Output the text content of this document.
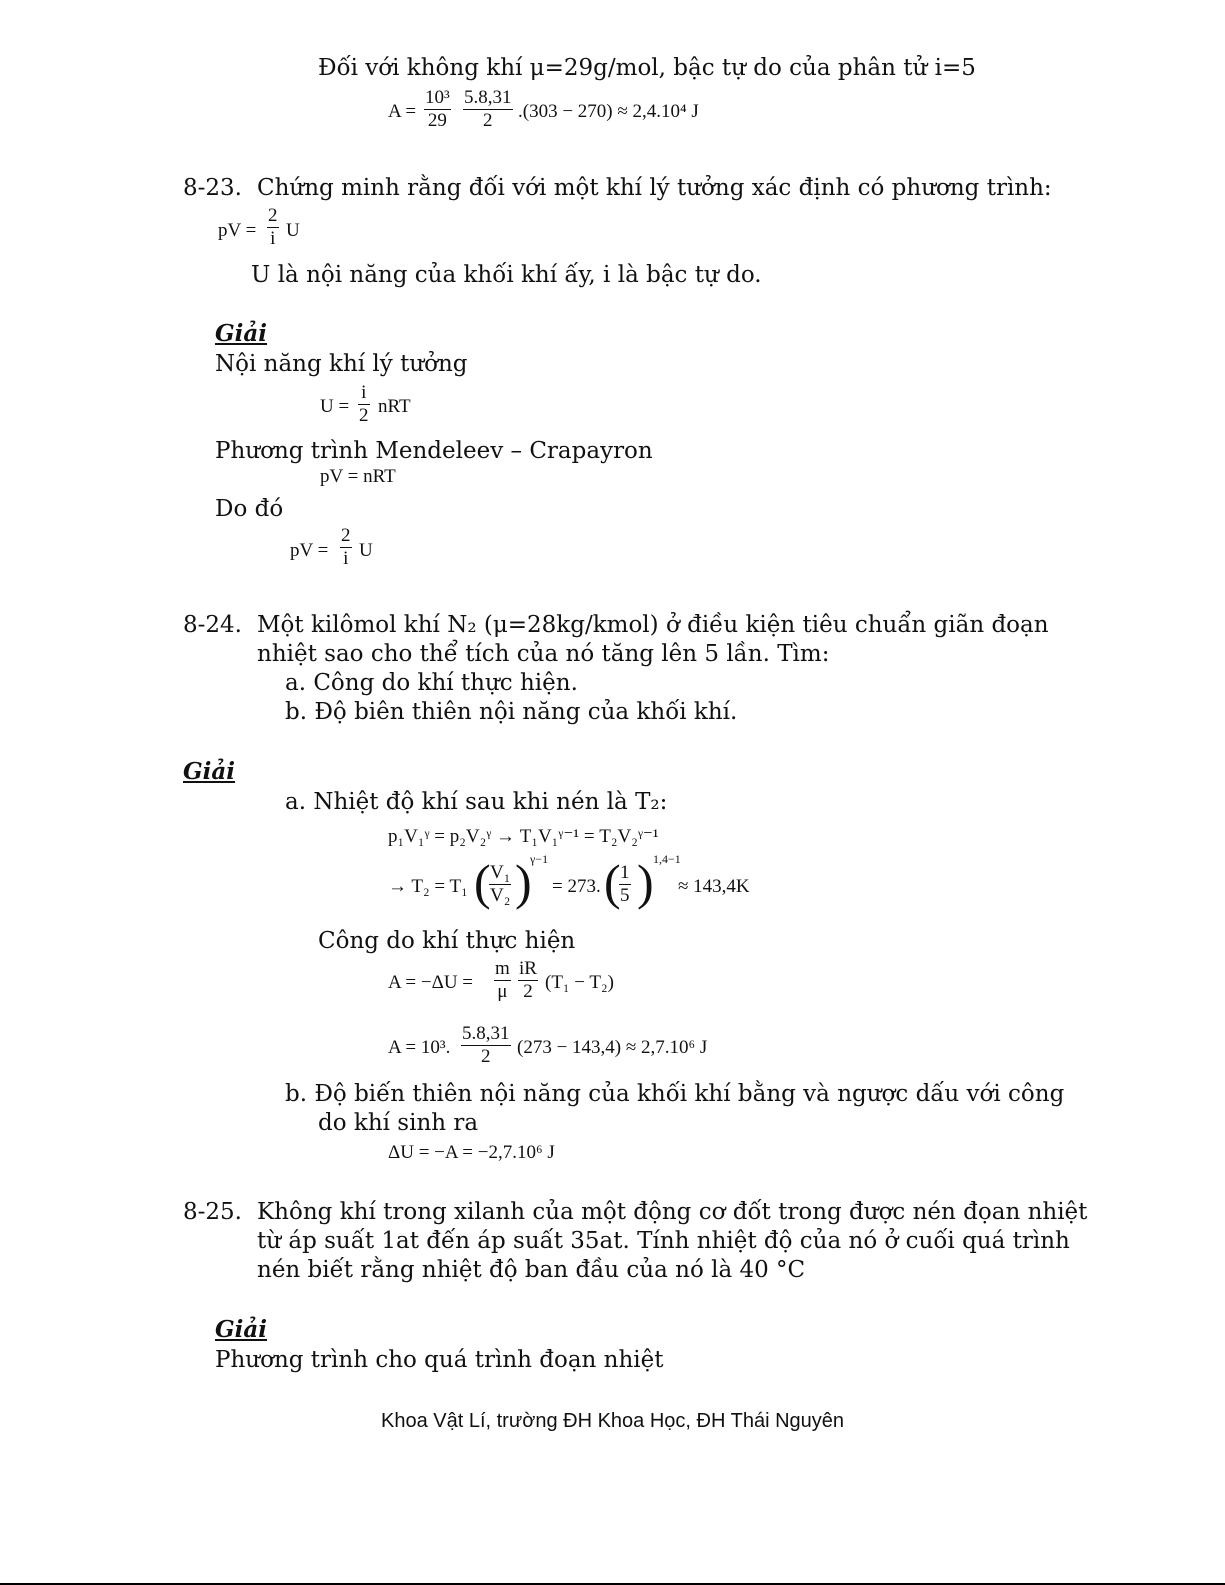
Đối với không khí μ=29g/mol, bậc tự do của phân tử i=5
$A = \frac{\text{10³}}{29} \frac{5.8,31}{2} .(303 - 270) \approx 2,4.10^4$ J
8-23. Chứng minh rằng đối với một khí lý tưởng xác định có phương trình:
pV = $\frac{2}{i}$ U
U là nội năng của khối khí ấy, i là bậc tự do.
Giải
Nội năng khí lý tưởng
$U = \frac{i}{2}$ nRT
Phương trình Mendeleev – Crapayron
pV = nRT
Do đó
pV = $\frac{2}{i}$ U
8-24. Một kilômol khí N₂ (μ=28kg/kmol) ở điều kiện tiêu chuẩn giãn đoạn
nhiệt sao cho thể tích của nó tăng lên 5 lần. Tìm:
a. Công do khí thực hiện.
b. Độ biên thiên nội năng của khối khí.
Giải
a. Nhiệt độ khí sau khi nén là T₂:
p₁V₁ᵞ = p₂V₂ᵞ → T₁V₁ᵞ⁻¹ = T₂V₂ᵞ⁻¹
→ T₂ = T₁ (
$\frac{\text{V₁}}{\text{V₂}}$ )
γ−1
= 273. (
$\frac{1}{5}$ ) 1,4−1
≈ 143,4K
Công do khí thực hiện
$A = -\Delta U = \frac{m}{\mu} \frac{iR}{2} (T_1 - T_2)$
A = 10³. $\frac{5.8,31}{2} (273 - 143,4) \approx 2,7.10^6$ J
b. Độ biến thiên nội năng của khối khí bằng và ngược dấu với công
do khí sinh ra
ΔU = −A = −2,7.10⁶ J
8-25. Không khí trong xilanh của một động cơ đốt trong được nén đọan nhiệt
từ áp suất 1at đến áp suất 35at. Tính nhiệt độ của nó ở cuối quá trình
nén biết rằng nhiệt độ ban đầu của nó là 40 °C
Giải
Phương trình cho quá trình đoạn nhiệt
Khoa Vật Lí, trường ĐH Khoa Học, ĐH Thái Nguyên
